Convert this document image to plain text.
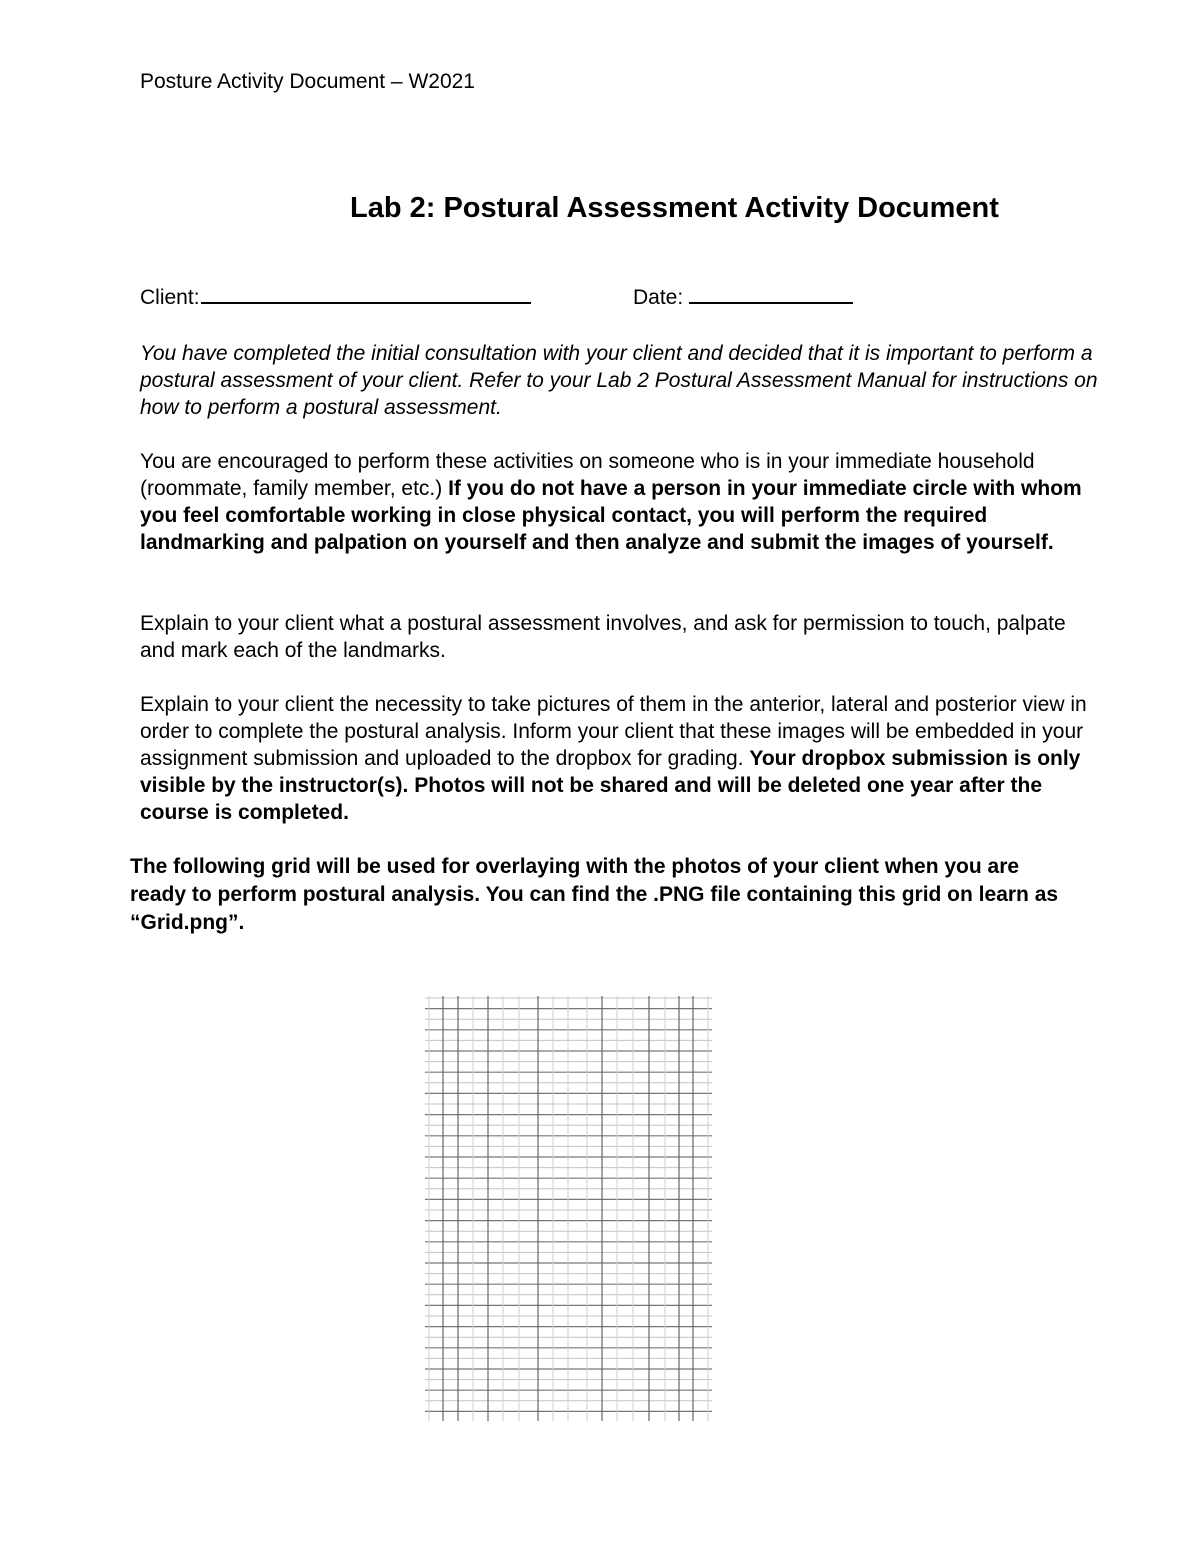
Posture Activity Document – W2021
Lab 2: Postural Assessment Activity Document
Client:	Date:

You have completed the initial consultation with your client and decided that it is important to perform a postural assessment of your client. Refer to your Lab 2 Postural Assessment Manual for instructions on how to perform a postural assessment.

You are encouraged to perform these activities on someone who is in your immediate household (roommate, family member, etc.) If you do not have a person in your immediate circle with whom you feel comfortable working in close physical contact, you will perform the required landmarking and palpation on yourself and then analyze and submit the images of yourself.

Explain to your client what a postural assessment involves, and ask for permission to touch, palpate and mark each of the landmarks.

Explain to your client the necessity to take pictures of them in the anterior, lateral and posterior view in order to complete the postural analysis. Inform your client that these images will be embedded in your assignment submission and uploaded to the dropbox for grading. Your dropbox submission is only visible by the instructor(s). Photos will not be shared and will be deleted one year after the course is completed.

The following grid will be used for overlaying with the photos of your client when you are ready to perform postural analysis. You can find the .PNG file containing this grid on learn as “Grid.png”.
